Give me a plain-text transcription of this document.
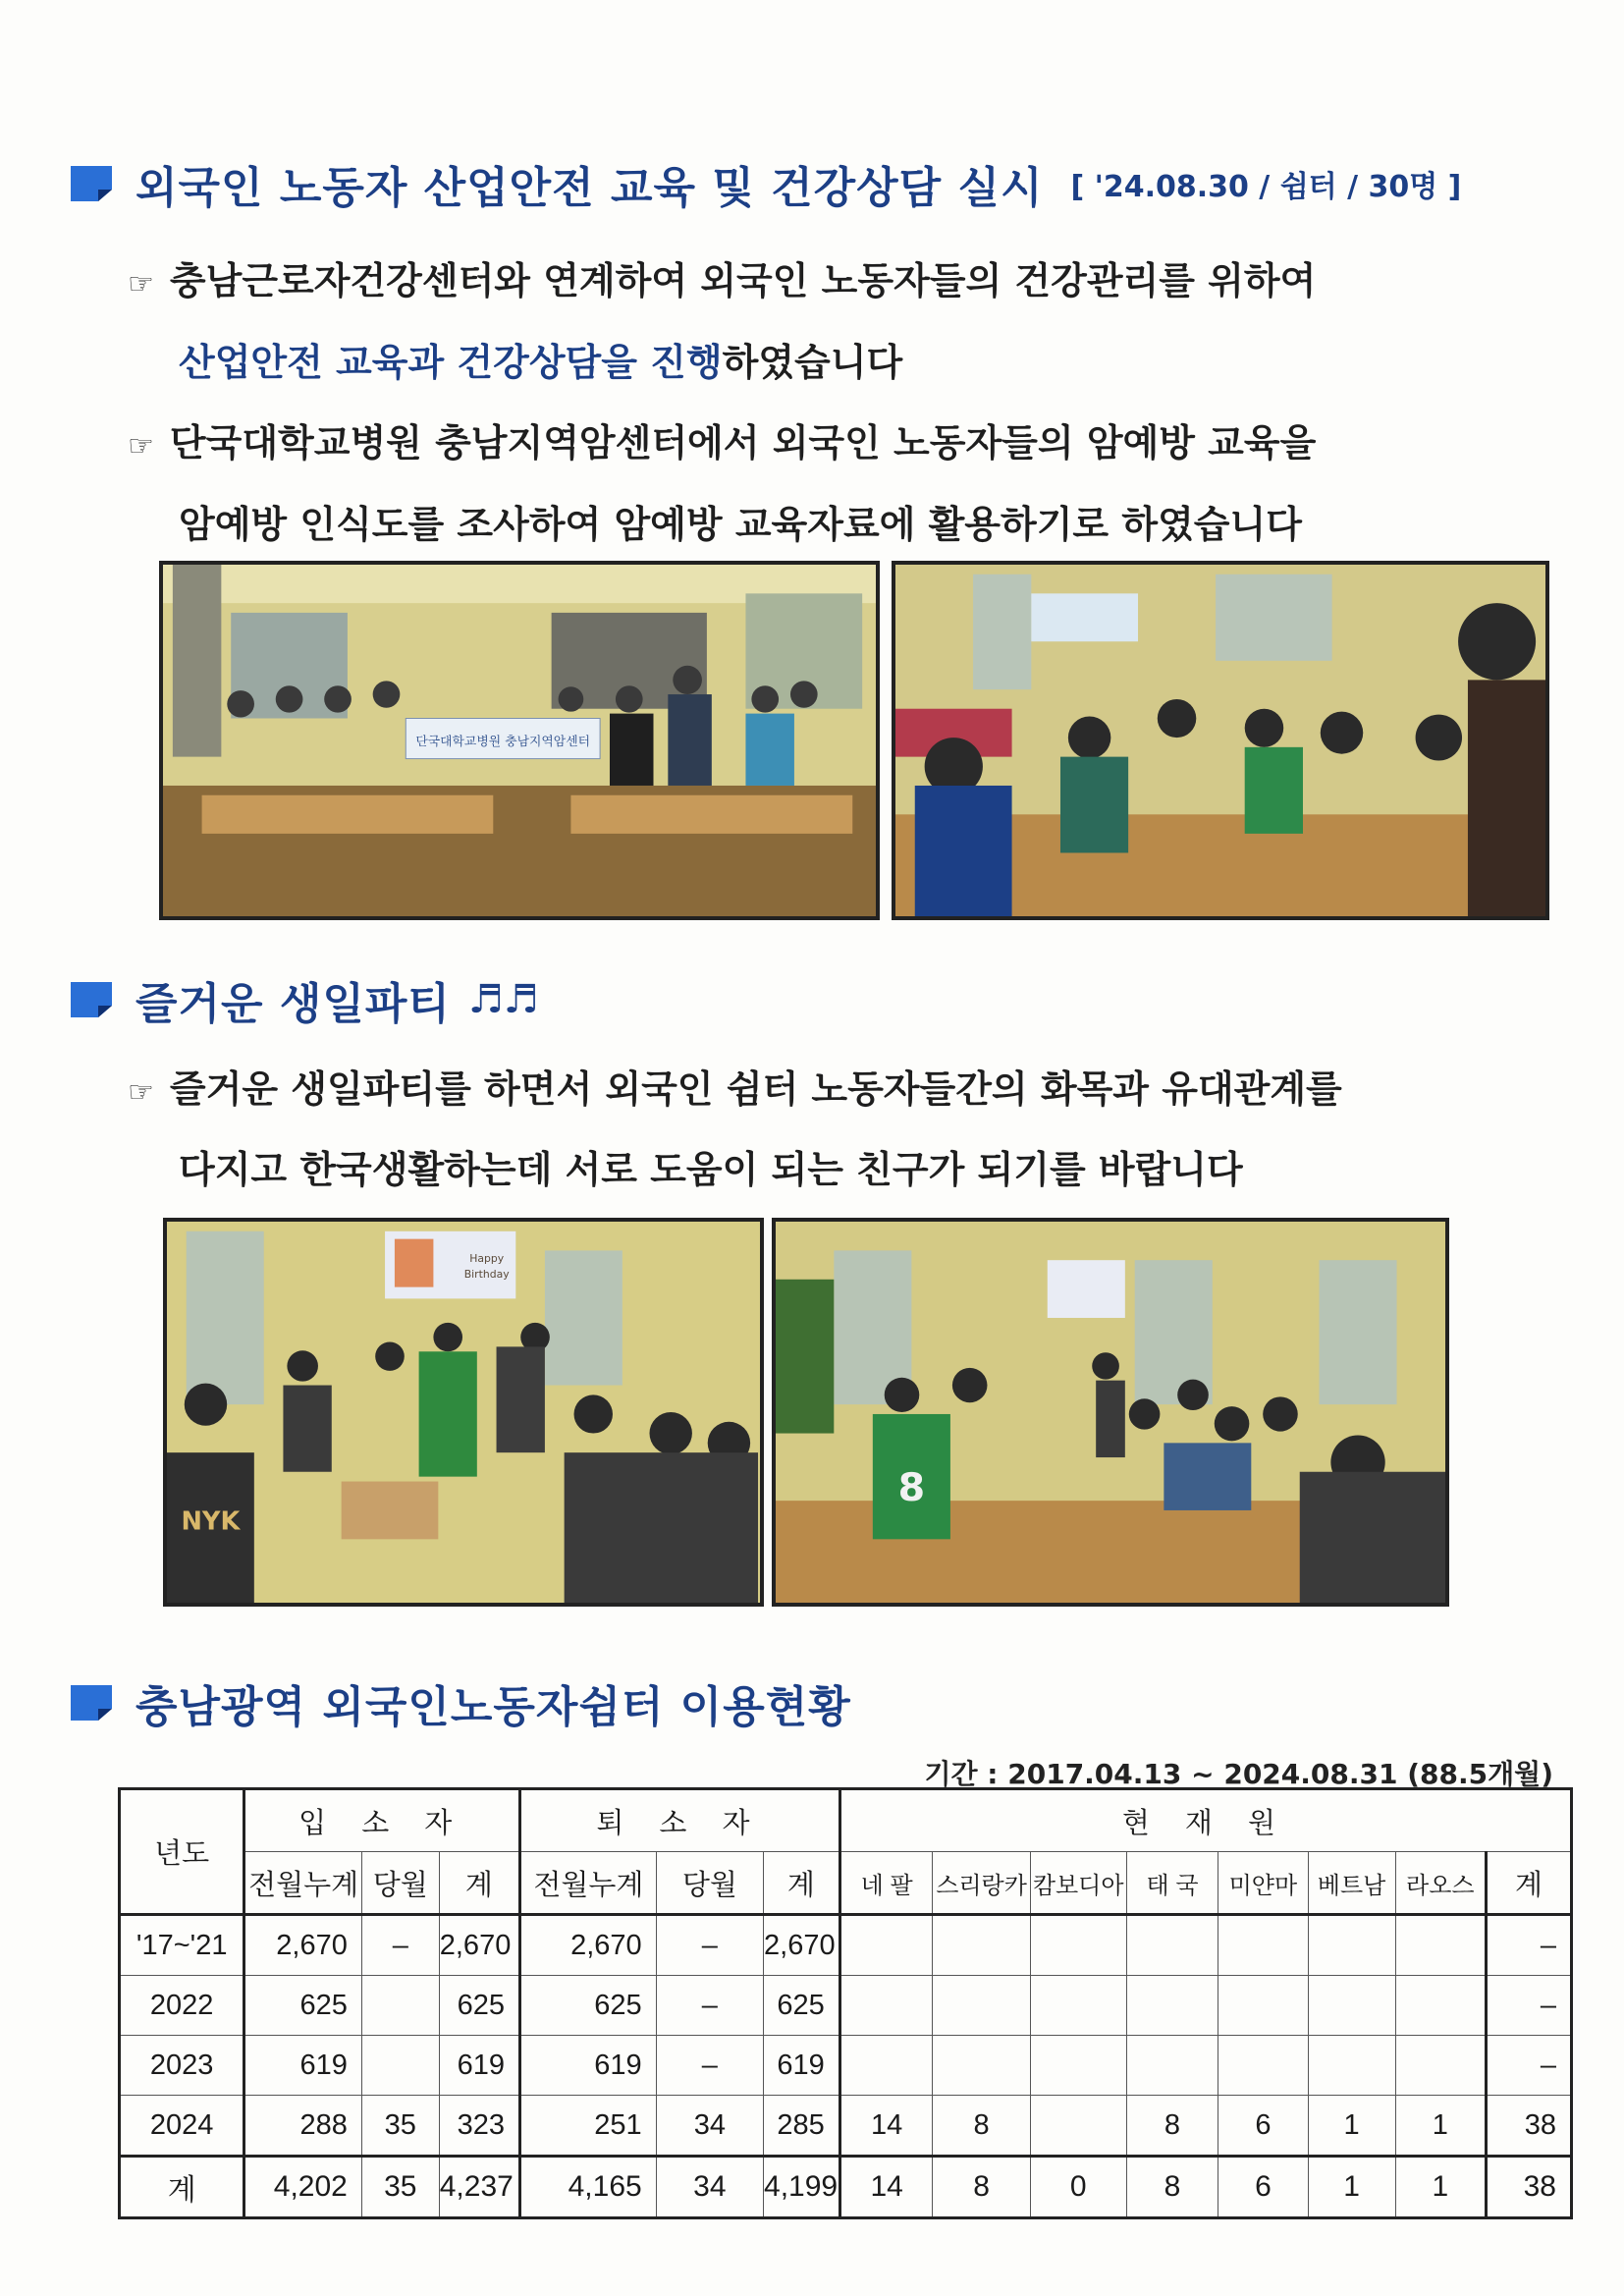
외국인 노동자 산업안전 교육 및 건강상담 실시 [ '24.08.30 / 쉼터 / 30명 ]
☞ 충남근로자건강센터와 연계하여 외국인 노동자들의 건강관리를 위하여
산업안전 교육과 건강상담을 진행하였습니다
☞ 단국대학교병원 충남지역암센터에서 외국인 노동자들의 암예방 교육을
암예방 인식도를 조사하여 암예방 교육자료에 활용하기로 하였습니다
단국대학교병원 충남지역암센터
즐거운 생일파티 ♬♬
☞ 즐거운 생일파티를 하면서 외국인 쉼터 노동자들간의 화목과 유대관계를
다지고 한국생활하는데 서로 도움이 되는 친구가 되기를 바랍니다
Happy
Birthday
NYK
8
충남광역 외국인노동자쉼터 이용현황
기간 : 2017.04.13 ~ 2024.08.31 (88.5개월)
년도	입 소 자			퇴 소 자			현 재 원							
	전월누계	당월	계	전월누계	당월	계	네 팔	스리랑카	캄보디아	태 국	미얀마	베트남	라오스	계
'17~'21	2,670	–	2,670	2,670	–	2,670								–
2022	625		625	625	–	625								–
2023	619		619	619	–	619								–
2024	288	35	323	251	34	285	14	8		8	6	1	1	38
계	4,202	35	4,237	4,165	34	4,199	14	8	0	8	6	1	1	38
